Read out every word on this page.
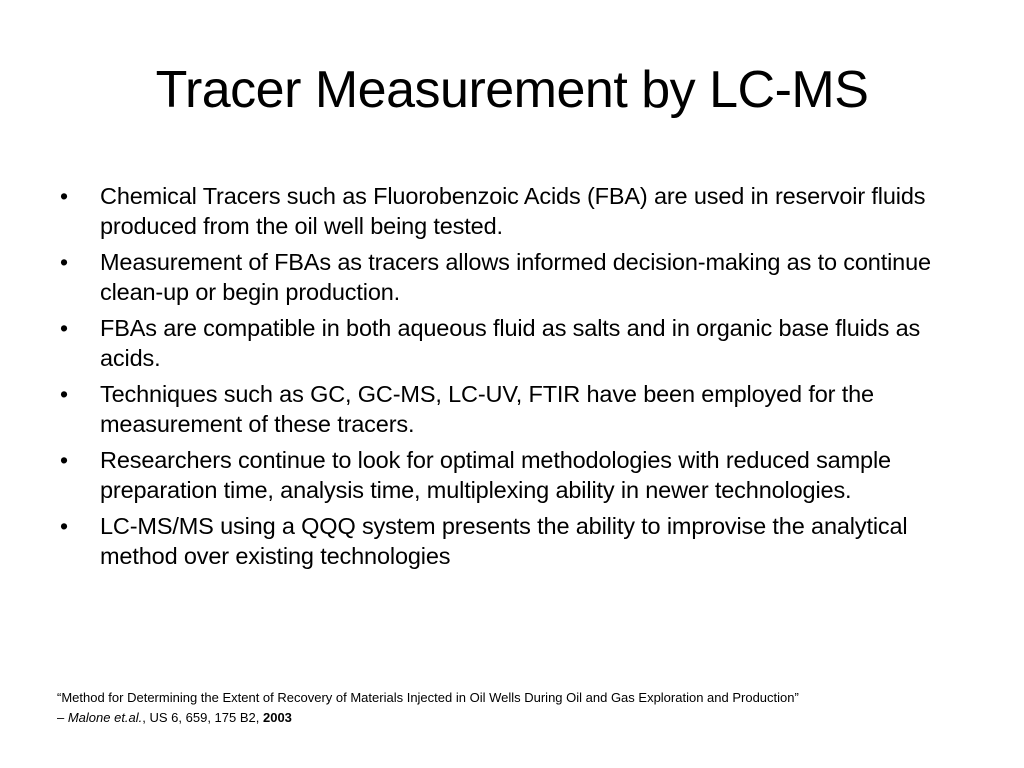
Tracer Measurement by LC-MS
•	Chemical Tracers such as Fluorobenzoic Acids (FBA) are used in reservoir fluids produced from the oil well being tested.
•	Measurement of FBAs as tracers allows informed decision-making as to continue clean-up or begin production.
•	FBAs are compatible in both aqueous fluid as salts and in organic base fluids as acids.
•	Techniques such as GC, GC-MS, LC-UV, FTIR have been employed for the measurement of these tracers.
•	Researchers continue to look for optimal methodologies with reduced sample preparation time, analysis time, multiplexing ability in newer technologies.
•	LC-MS/MS using a QQQ system presents the ability to improvise the analytical method over existing technologies
“Method for Determining the Extent of Recovery of Materials Injected in Oil Wells During Oil and Gas Exploration and Production”
– Malone et.al., US 6, 659, 175 B2, 2003
